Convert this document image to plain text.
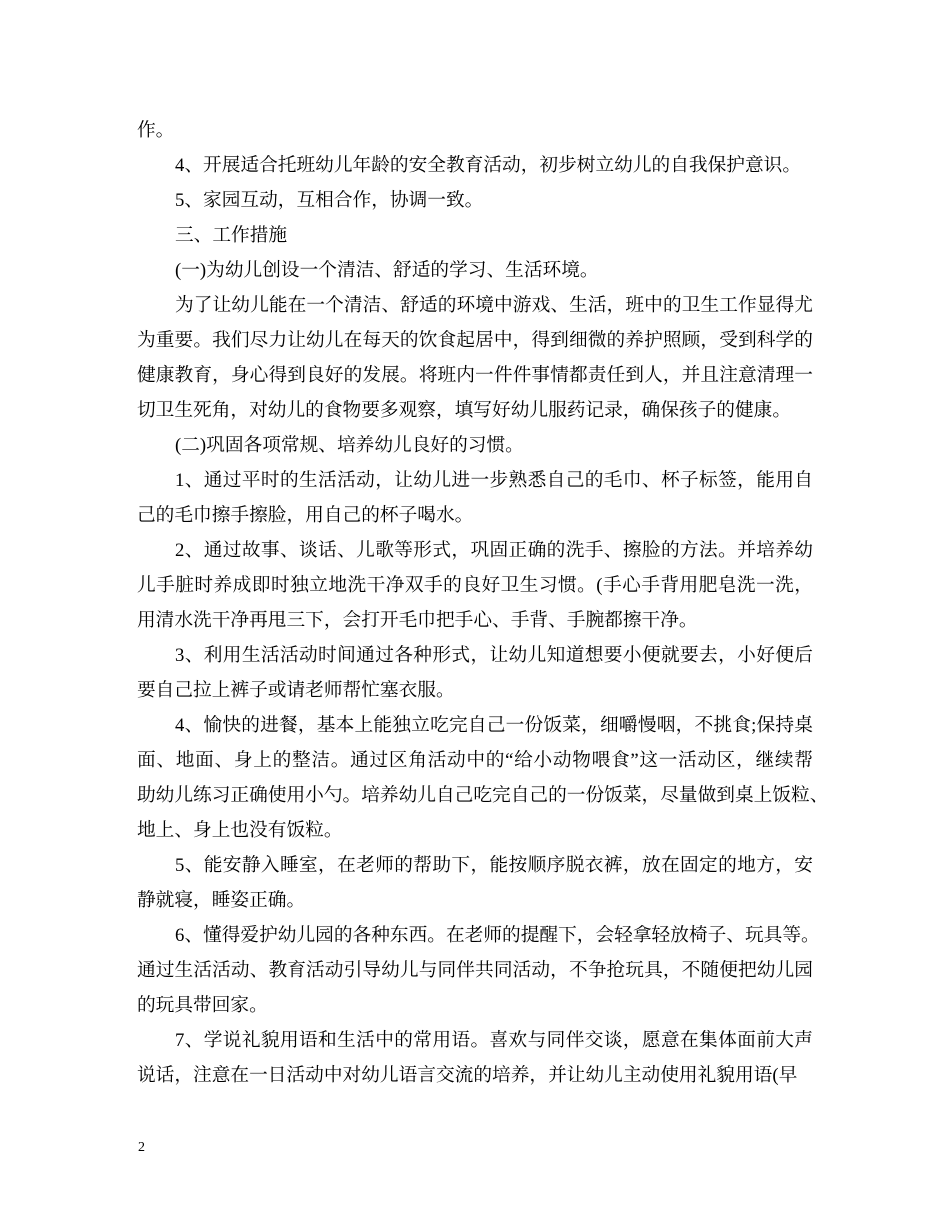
作。
4、开展适合托班幼儿年龄的安全教育活动，初步树立幼儿的自我保护意识。
5、家园互动，互相合作，协调一致。
三、工作措施
(一)为幼儿创设一个清洁、舒适的学习、生活环境。
为了让幼儿能在一个清洁、舒适的环境中游戏、生活，班中的卫生工作显得尤
为重要。我们尽力让幼儿在每天的饮食起居中，得到细微的养护照顾，受到科学的
健康教育，身心得到良好的发展。将班内一件件事情都责任到人，并且注意清理一
切卫生死角，对幼儿的食物要多观察，填写好幼儿服药记录，确保孩子的健康。
(二)巩固各项常规、培养幼儿良好的习惯。
1、通过平时的生活活动，让幼儿进一步熟悉自己的毛巾、杯子标签，能用自
己的毛巾擦手擦脸，用自己的杯子喝水。
2、通过故事、谈话、儿歌等形式，巩固正确的洗手、擦脸的方法。并培养幼
儿手脏时养成即时独立地洗干净双手的良好卫生习惯。(手心手背用肥皂洗一洗，
用清水洗干净再甩三下，会打开毛巾把手心、手背、手腕都擦干净。
3、利用生活活动时间通过各种形式，让幼儿知道想要小便就要去，小好便后
要自己拉上裤子或请老师帮忙塞衣服。
4、愉快的进餐，基本上能独立吃完自己一份饭菜，细嚼慢咽，不挑食;保持桌
面、地面、身上的整洁。通过区角活动中的“给小动物喂食”这一活动区，继续帮
助幼儿练习正确使用小勺。培养幼儿自己吃完自己的一份饭菜，尽量做到桌上饭粒、
地上、身上也没有饭粒。
5、能安静入睡室，在老师的帮助下，能按顺序脱衣裤，放在固定的地方，安
静就寝，睡姿正确。
6、懂得爱护幼儿园的各种东西。在老师的提醒下，会轻拿轻放椅子、玩具等。
通过生活活动、教育活动引导幼儿与同伴共同活动，不争抢玩具，不随便把幼儿园
的玩具带回家。
7、学说礼貌用语和生活中的常用语。喜欢与同伴交谈，愿意在集体面前大声
说话，注意在一日活动中对幼儿语言交流的培养，并让幼儿主动使用礼貌用语(早
2
